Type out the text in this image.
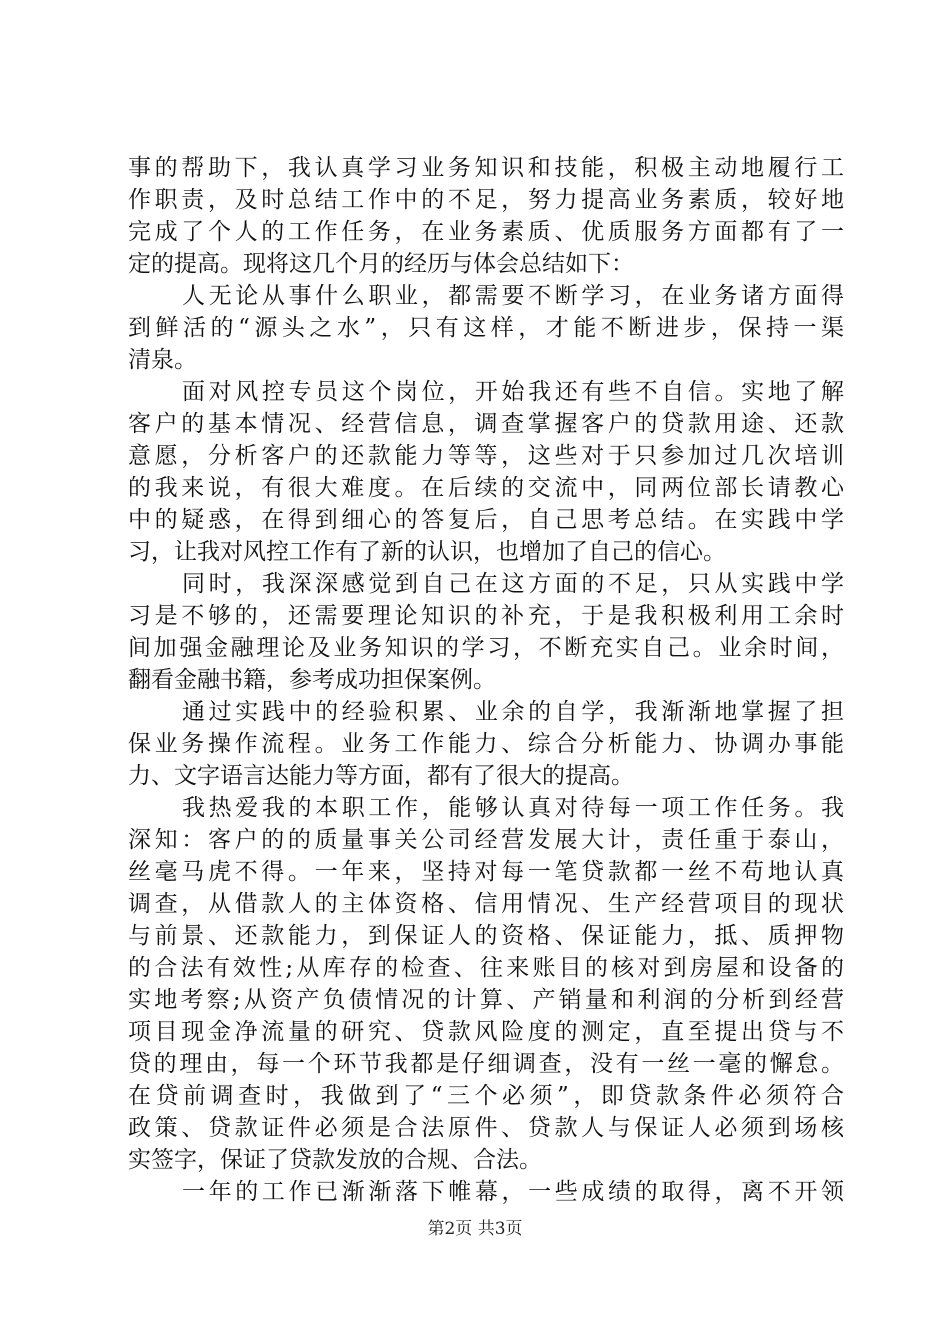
事的帮助下，我认真学习业务知识和技能，积极主动地履行工
作职责，及时总结工作中的不足，努力提高业务素质，较好地
完成了个人的工作任务，在业务素质、优质服务方面都有了一
定的提高。现将这几个月的经历与体会总结如下：
人无论从事什么职业，都需要不断学习，在业务诸方面得
到鲜活的“源头之水”，只有这样，才能不断进步，保持一渠
清泉。
面对风控专员这个岗位，开始我还有些不自信。实地了解
客户的基本情况、经营信息，调查掌握客户的贷款用途、还款
意愿，分析客户的还款能力等等，这些对于只参加过几次培训
的我来说，有很大难度。在后续的交流中，同两位部长请教心
中的疑惑，在得到细心的答复后，自己思考总结。在实践中学
习，让我对风控工作有了新的认识，也增加了自己的信心。
同时，我深深感觉到自己在这方面的不足，只从实践中学
习是不够的，还需要理论知识的补充，于是我积极利用工余时
间加强金融理论及业务知识的学习，不断充实自己。业余时间，
翻看金融书籍，参考成功担保案例。
通过实践中的经验积累、业余的自学，我渐渐地掌握了担
保业务操作流程。业务工作能力、综合分析能力、协调办事能
力、文字语言达能力等方面，都有了很大的提高。
我热爱我的本职工作，能够认真对待每一项工作任务。我
深知：客户的的质量事关公司经营发展大计，责任重于泰山，
丝毫马虎不得。一年来，坚持对每一笔贷款都一丝不苟地认真
调查，从借款人的主体资格、信用情况、生产经营项目的现状
与前景、还款能力，到保证人的资格、保证能力，抵、质押物
的合法有效性;从库存的检查、往来账目的核对到房屋和设备的
实地考察;从资产负债情况的计算、产销量和利润的分析到经营
项目现金净流量的研究、贷款风险度的测定，直至提出贷与不
贷的理由，每一个环节我都是仔细调查，没有一丝一毫的懈怠。
在贷前调查时，我做到了“三个必须”，即贷款条件必须符合
政策、贷款证件必须是合法原件、贷款人与保证人必须到场核
实签字，保证了贷款发放的合规、合法。
一年的工作已渐渐落下帷幕，一些成绩的取得，离不开领
第2页 共3页
